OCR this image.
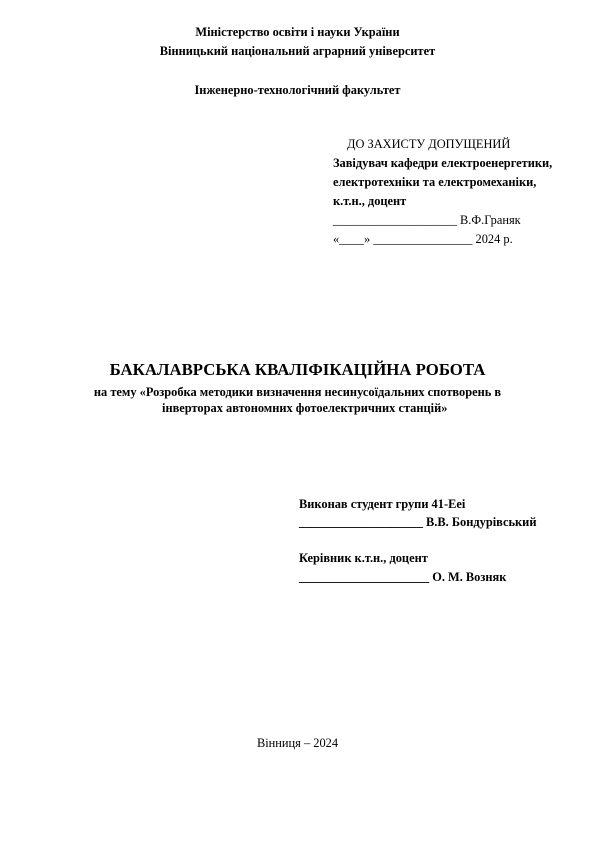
Міністерство освіти і науки України
Вінницький національний аграрний університет
Інженерно-технологічний факультет
ДО ЗАХИСТУ ДОПУЩЕНИЙ
Завідувач кафедри електроенергетики,
електротехніки та електромеханіки,
к.т.н., доцент
____________________ В.Ф.Граняк
«____» ________________ 2024 р.
БАКАЛАВРСЬКА КВАЛІФІКАЦІЙНА РОБОТА
на тему «Розробка методики визначення несинусоїдальних спотворень в
інверторах автономних фотоелектричних станцій»
Виконав студент групи 41-Ееі
____________________ В.В. Бондурівський
Керівник к.т.н., доцент
_____________________ О. М. Возняк
Вінниця – 2024
